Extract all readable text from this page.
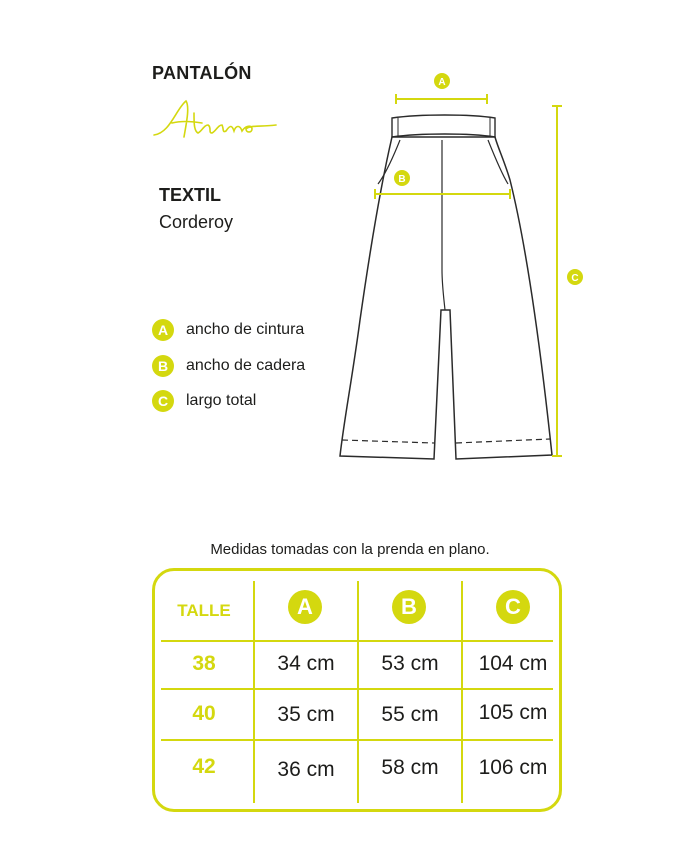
PANTALÓN
TEXTIL
Corderoy
A	ancho de cintura
B	ancho de cadera
C	largo total
A
B
C
Medidas tomadas con la prenda en plano.
TALLE	A	B	C
38	34 cm	53 cm	104 cm
40	35 cm	55 cm	105 cm
42	36 cm	58 cm	106 cm
